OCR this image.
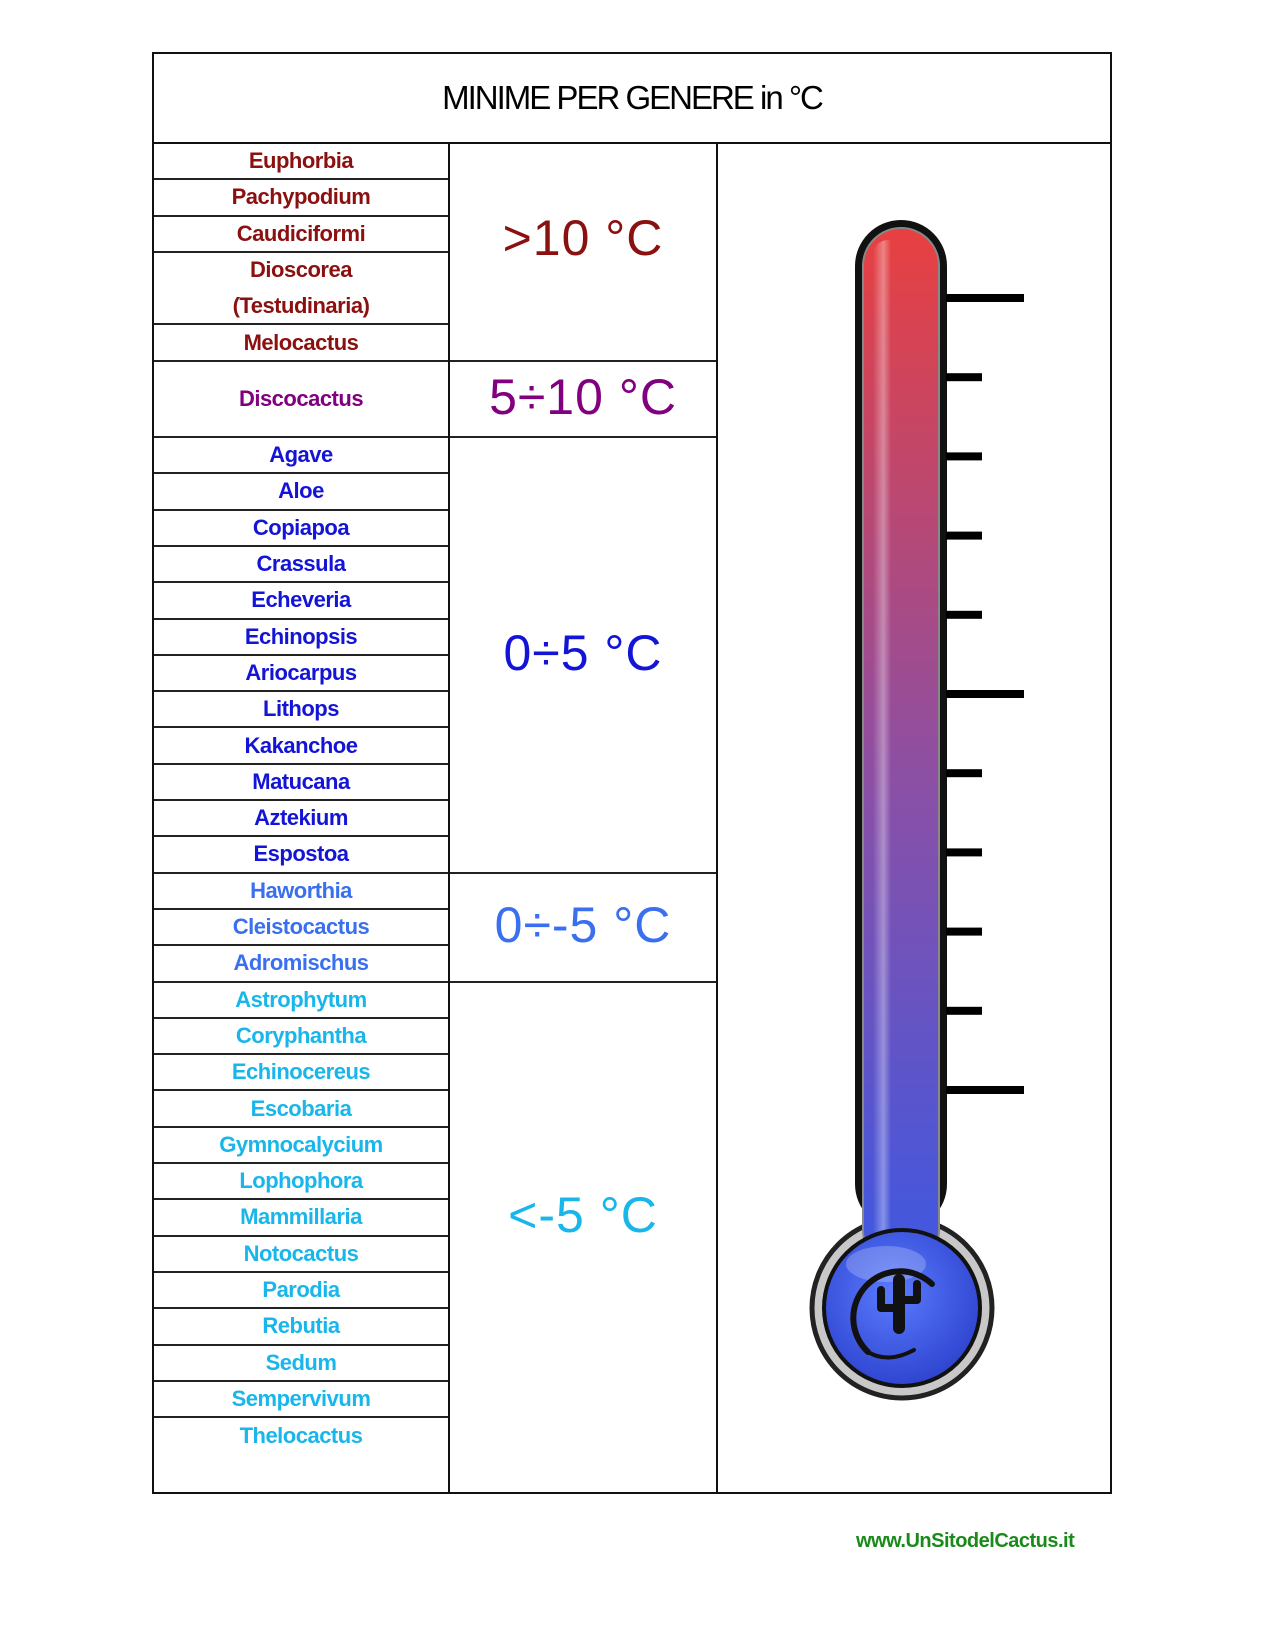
MINIME PER GENERE in °C
Euphorbia
Pachypodium
Caudiciformi
Dioscorea
(Testudinaria)
Melocactus
Discocactus
Agave
Aloe
Copiapoa
Crassula
Echeveria
Echinopsis
Ariocarpus
Lithops
Kakanchoe
Matucana
Aztekium
Espostoa
Haworthia
Cleistocactus
Adromischus
Astrophytum
Coryphantha
Echinocereus
Escobaria
Gymnocalycium
Lophophora
Mammillaria
Notocactus
Parodia
Rebutia
Sedum
Sempervivum
Thelocactus
>10 °C
5÷10 °C
0÷5 °C
0÷-5 °C
<-5 °C
www.UnSitodelCactus.it
